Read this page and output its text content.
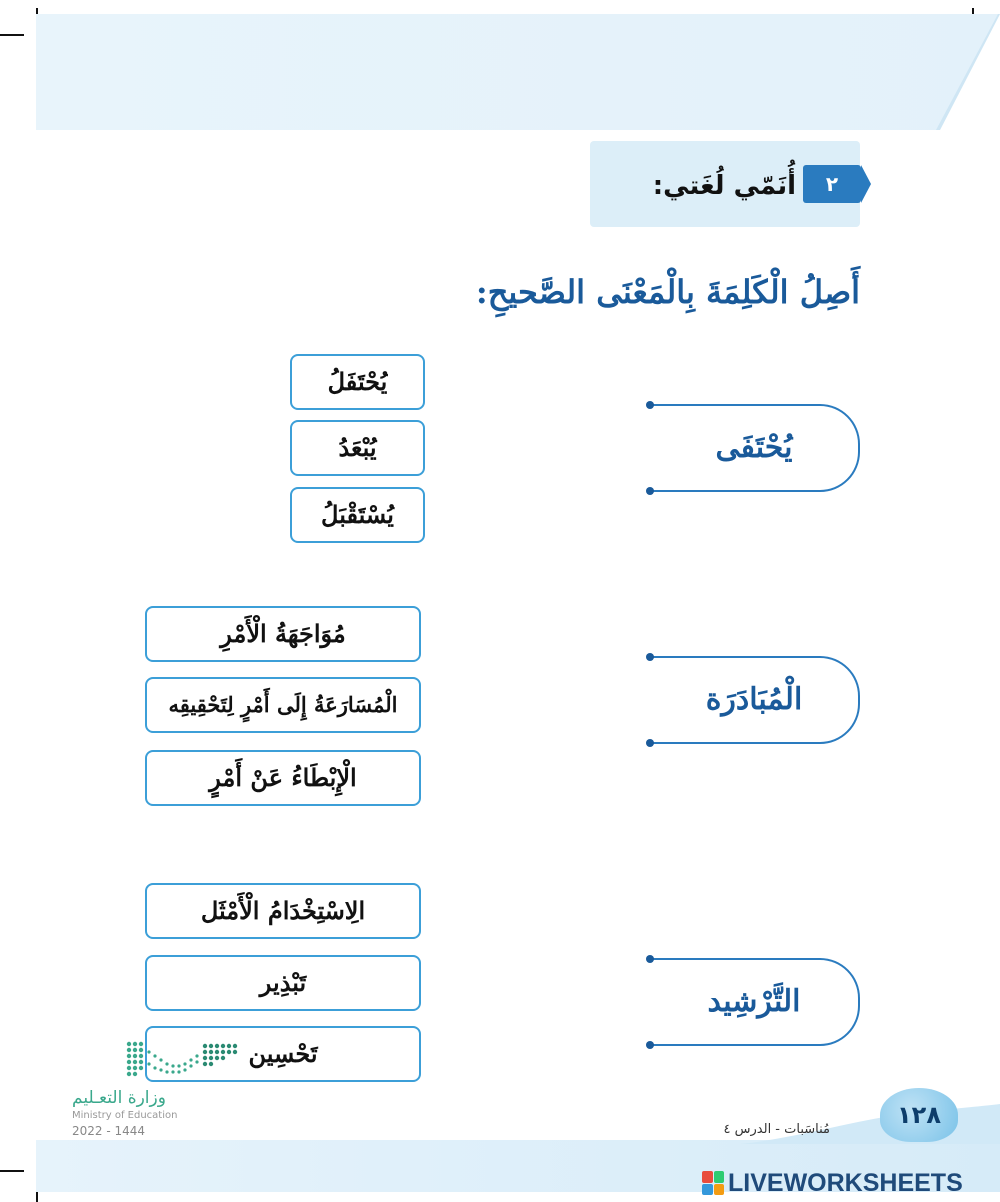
٢
أُنَمّي لُغَتي:
أَصِلُ الْكَلِمَةَ بِالْمَعْنَى الصَّحيحِ:
يُحْتَفَى
يُحْتَفَلُ
يُبْعَدُ
يُسْتَقْبَلُ
الْمُبَادَرَة
مُوَاجَهَةُ الْأَمْرِ
الْمُسَارَعَةُ إِلَى أَمْرٍ لِتَحْقِيقِه
الْإِبْطَاءُ عَنْ أَمْرٍ
التَّرْشِيد
الِاسْتِخْدَامُ الْأَمْثَل
تَبْذِير
تَحْسِين
وزارة التعـليم
Ministry of Education
2022 - 1444
١٢٨
مُناسَبات - الدرس ٤
LIVEWORKSHEETS
